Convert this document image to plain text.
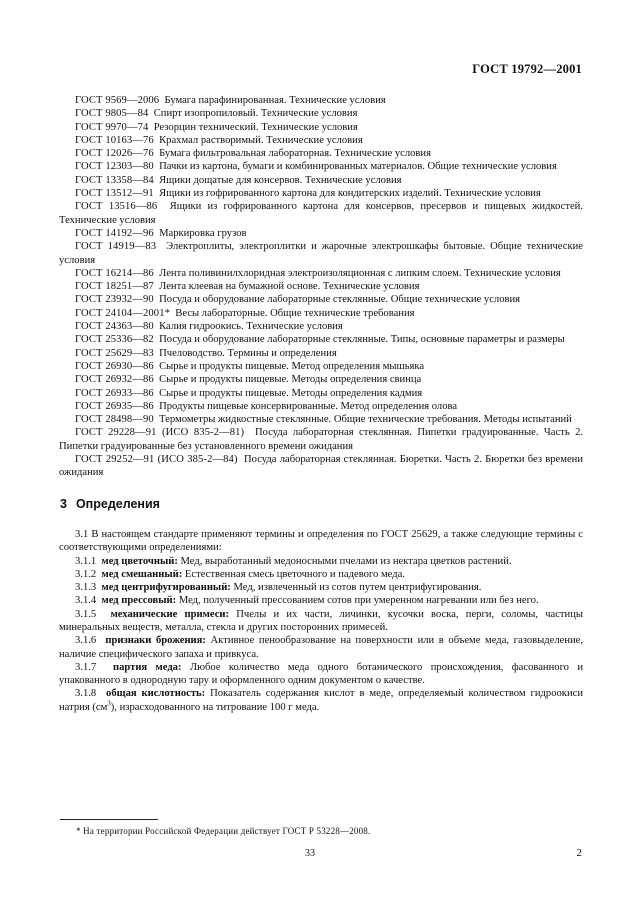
ГОСТ 19792—2001

ГОСТ 9569—2006 Бумага парафинированная. Технические условия

ГОСТ 9805—84 Спирт изопропиловый. Технические условия

ГОСТ 9970—74 Резорцин технический. Технические условия

ГОСТ 10163—76 Крахмал растворимый. Технические условия

ГОСТ 12026—76 Бумага фильтровальная лабораторная. Технические условия

ГОСТ 12303—80 Пачки из картона, бумаги и комбинированных материалов. Общие технические условия

ГОСТ 13358—84 Ящики дощатые для консервов. Технические условия

ГОСТ 13512—91 Ящики из гофрированного картона для кондитерских изделий. Технические условия

ГОСТ 13516—86 Ящики из гофрированного картона для консервов, пресервов и пищевых жидкостей. Технические условия

ГОСТ 14192—96 Маркировка грузов

ГОСТ 14919—83 Электроплиты, электроплитки и жарочные электрошкафы бытовые. Общие технические условия

ГОСТ 16214—86 Лента поливинилхлоридная электроизоляционная с липким слоем. Технические условия

ГОСТ 18251—87 Лента клеевая на бумажной основе. Технические условия

ГОСТ 23932—90 Посуда и оборудование лабораторные стеклянные. Общие технические условия

ГОСТ 24104—2001* Весы лабораторные. Общие технические требования

ГОСТ 24363—80 Калия гидроокись. Технические условия

ГОСТ 25336—82 Посуда и оборудование лабораторные стеклянные. Типы, основные параметры и размеры

ГОСТ 25629—83 Пчеловодство. Термины и определения

ГОСТ 26930—86 Сырье и продукты пищевые. Метод определения мышьяка

ГОСТ 26932—86 Сырье и продукты пищевые. Методы определения свинца

ГОСТ 26933—86 Сырье и продукты пищевые. Методы определения кадмия

ГОСТ 26935—86 Продукты пищевые консервированные. Метод определения олова

ГОСТ 28498—90 Термометры жидкостные стеклянные. Общие технические требования. Методы испытаний

ГОСТ 29228—91 (ИСО 835-2—81) Посуда лабораторная стеклянная. Пипетки градуированные. Часть 2. Пипетки градуированные без установленного времени ожидания

ГОСТ 29252—91 (ИСО 385-2—84) Посуда лабораторная стеклянная. Бюретки. Часть 2. Бюретки без времени ожидания

3 Определения

3.1 В настоящем стандарте применяют термины и определения по ГОСТ 25629, а также следующие термины с соответствующими определениями:

3.1.1 мед цветочный: Мед, выработанный медоносными пчелами из нектара цветков растений.

3.1.2 мед смешанный: Естественная смесь цветочного и падевого меда.

3.1.3 мед центрифугированный: Мед, извлеченный из сотов путем центрифугирования.

3.1.4 мед прессовый: Мед, полученный прессованием сотов при умеренном нагревании или без него.

3.1.5 механические примеси: Пчелы и их части, личинки, кусочки воска, перги, соломы, частицы минеральных веществ, металла, стекла и других посторонних примесей.

3.1.6 признаки брожения: Активное пенообразование на поверхности или в объеме меда, газовыделение, наличие специфического запаха и привкуса.

3.1.7 партия меда: Любое количество меда одного ботанического происхождения, фасованного и упакованного в однородную тару и оформленного одним документом о качестве.

3.1.8 общая кислотность: Показатель содержания кислот в меде, определяемый количеством гидроокиси натрия $(см^3)$, израсходованного на титрование 100 г меда.

* На территории Российской Федерации действует ГОСТ Р 53228—2008.
33	2
